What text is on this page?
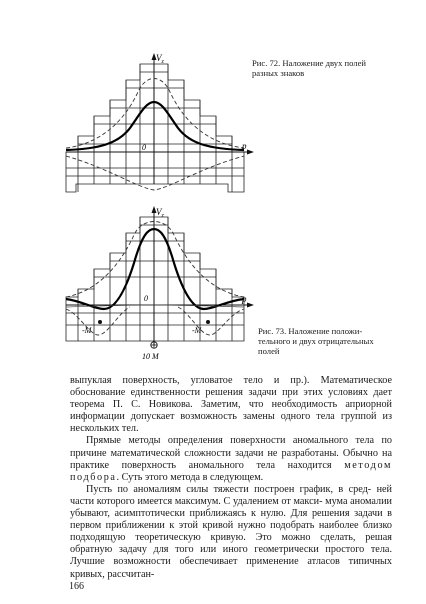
$V_z$
p
0
Рис. 72. Наложение двух полей
разных знаков
$V_z$
p
0
-M	-M
10 M
Рис. 73. Наложение положи-
тельного и двух отрицательных
полей

выпуклая поверхность, угловатое тело и пр.). Математическое обоснование единственности решения задачи при этих условиях дает теорема П. С. Новикова. Заметим, что необходимость априорной информации допускает возможность замены одного тела группой из нескольких тел.

Прямые методы определения поверхности аномального тела по причине математической сложности задачи не разработаны. Обычно на практике поверхность аномального тела находится методом подбора. Суть этого метода в следующем.

Пусть по аномалиям силы тяжести построен график, в сред- ней части которого имеется максимум. С удалением от макси- мума аномалии убывают, асимптотически приближаясь к нулю. Для решения задачи в первом приближении к этой кривой нужно подобрать наиболее близко подходящую теоретическую кривую. Это можно сделать, решая обратную задачу для того или иного геометрически простого тела. Лучшие возможности обеспечивает применение атласов типичных кривых, рассчитан-

166
